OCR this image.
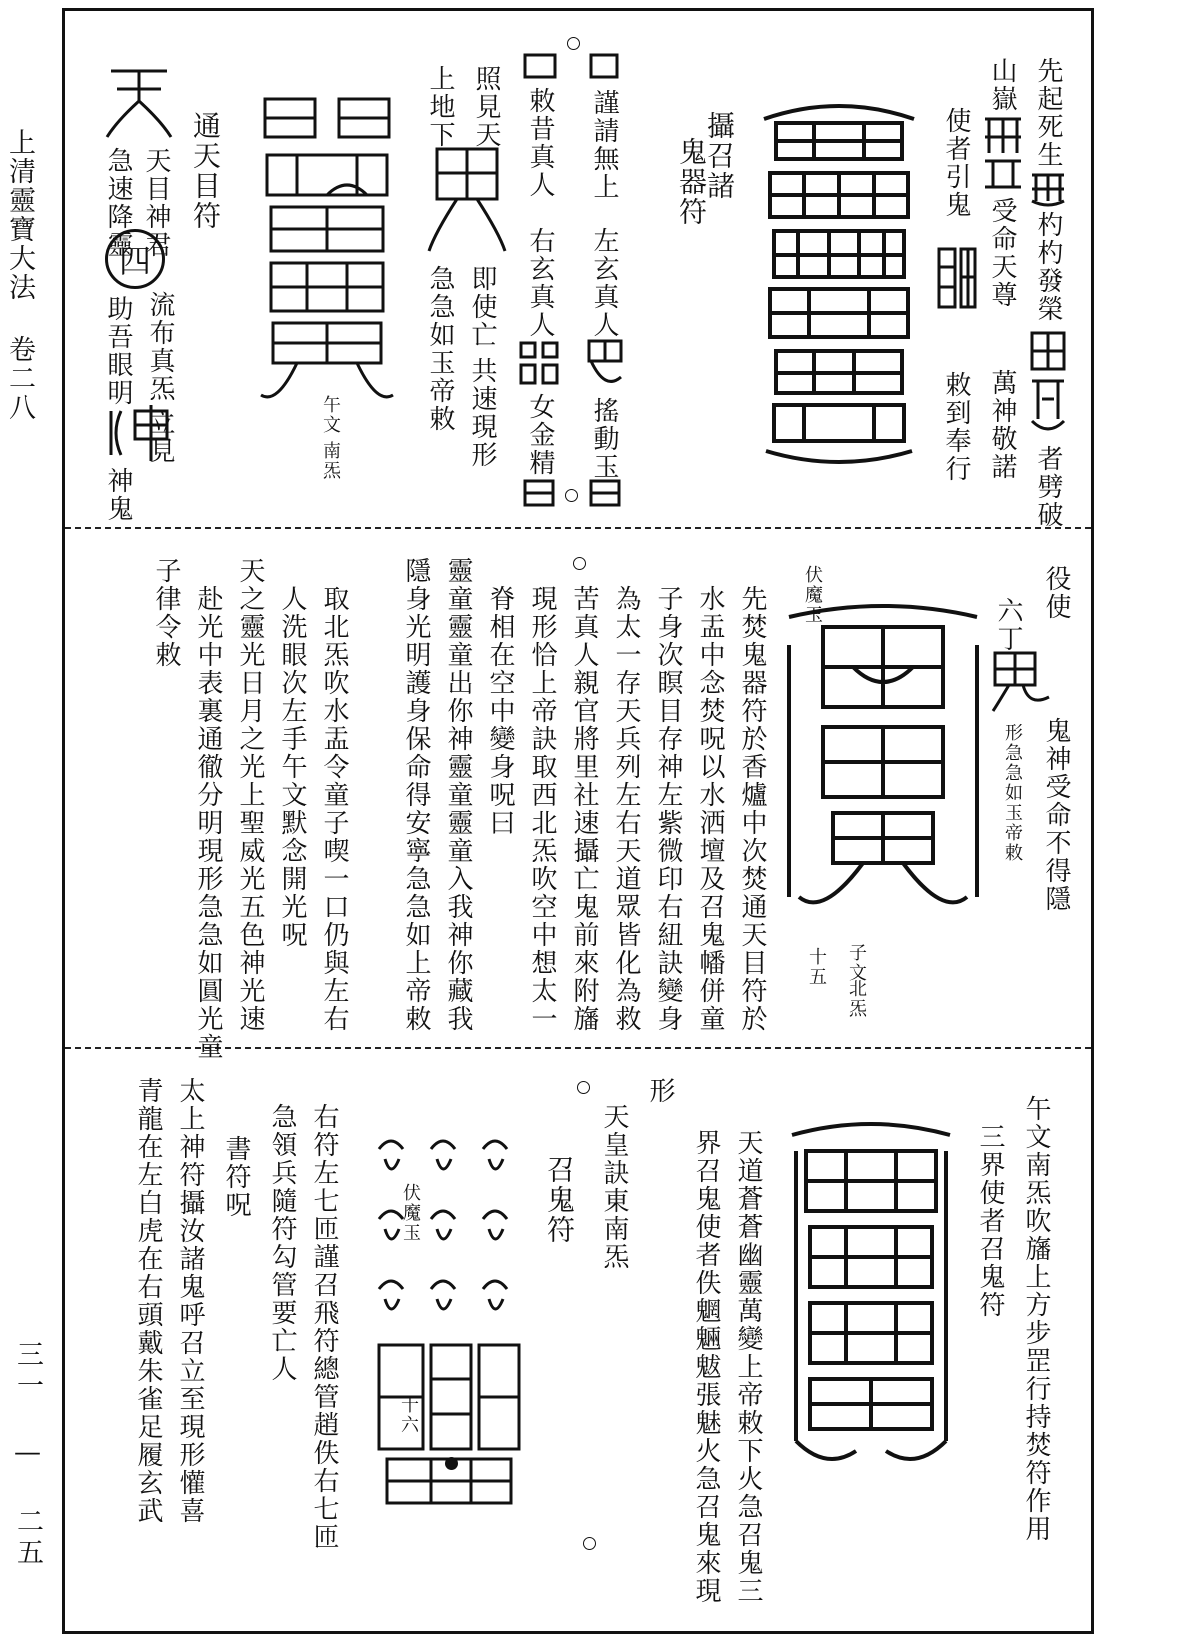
上清靈寶大法 卷二八
三一 — 二五
先起死生
杓杓發榮
者劈破
山嶽
受命天尊
萬神敬諾
使者引鬼
敕到奉行
攝召諸
鬼器符
謹請無上
左玄真人
搖動玉
敕昔真人
右玄真人
女金精
照見天
上地下
即使亡
共速現形
急急如玉帝敕
午文
南炁
通天目符
天目神君
急速降靈
四
流布真炁
助吾眼明
立見
神鬼
役使
鬼神受命不得隱
六丁
形急急如玉帝敕
子文
北炁
十五
伏魔玉
先焚鬼器符於香爐中次焚通天目符於
水盂中念焚呪以水洒壇及召鬼幡併童
子身次瞑目存神左紫微印右紐訣變身
為太一存天兵列左右天道眾皆化為救
苦真人親官將里社速攝亡鬼前來附旛
現形恰上帝訣取西北炁吹空中想太一
脊相在空中變身呪曰
靈童靈童出你神靈童靈童入我神你藏我
隱身光明護身保命得安寧急急如上帝敕
取北炁吹水盂令童子喫一口仍與左右
人洗眼次左手午文默念開光呪
天之靈光日月之光上聖威光五色神光速
赴光中表裏通徹分明現形急急如圓光童
子律令敕
午文南炁吹旛上方步罡行持焚符作用
三界使者召鬼符
天道蒼蒼幽靈萬變上帝敕下火急召鬼三
界召鬼使者佚魍魎魃張魅火急召鬼來現
形
天皇訣東南炁
召鬼符
伏魔玉
十六
右符左七匝謹召飛符總管趙佚右七匝
急領兵隨符勾管要亡人
書符呪
太上神符攝汝諸鬼呼召立至現形懽喜
青龍在左白虎在右頭戴朱雀足履玄武
